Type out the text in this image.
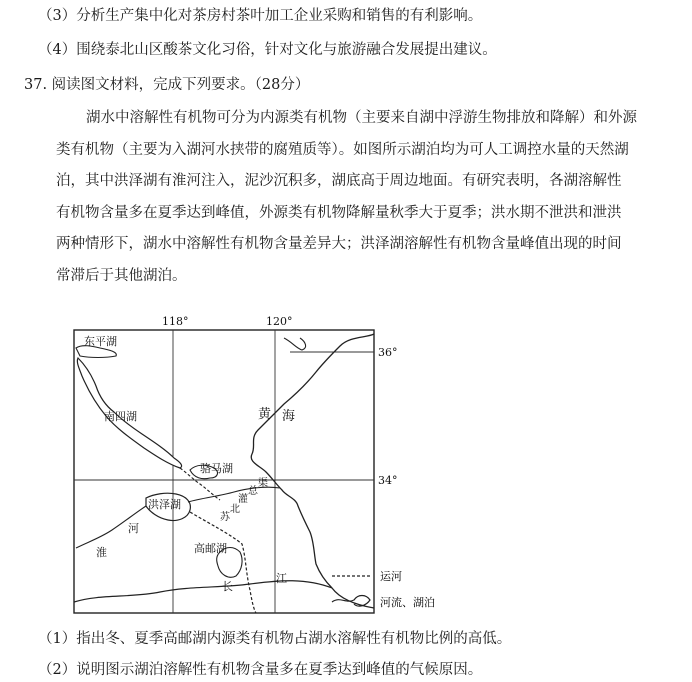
（3）分析生产集中化对茶房村茶叶加工企业采购和销售的有利影响。
（4）围绕泰北山区酸茶文化习俗，针对文化与旅游融合发展提出建议。
37. 阅读图文材料，完成下列要求。（28分）
湖水中溶解性有机物可分为内源类有机物（主要来自湖中浮游生物排放和降解）和外源
类有机物（主要为入湖河水挟带的腐殖质等）。如图所示湖泊均为可人工调控水量的天然湖
泊，其中洪泽湖有淮河注入，泥沙沉积多，湖底高于周边地面。有研究表明，各湖溶解性
有机物含量多在夏季达到峰值，外源类有机物降解量秋季大于夏季；洪水期不泄洪和泄洪
两种情形下，湖水中溶解性有机物含量差异大；洪泽湖溶解性有机物含量峰值出现的时间
常滞后于其他湖泊。
118°	120°
36°
34°
东平湖
南四湖
骆马湖
洪泽湖
高邮湖
淮
河
长
江
黄 海
苏
北
灌
总
渠
运河
河流、湖泊
（1）指出冬、夏季高邮湖内源类有机物占湖水溶解性有机物比例的高低。
（2）说明图示湖泊溶解性有机物含量多在夏季达到峰值的气候原因。
